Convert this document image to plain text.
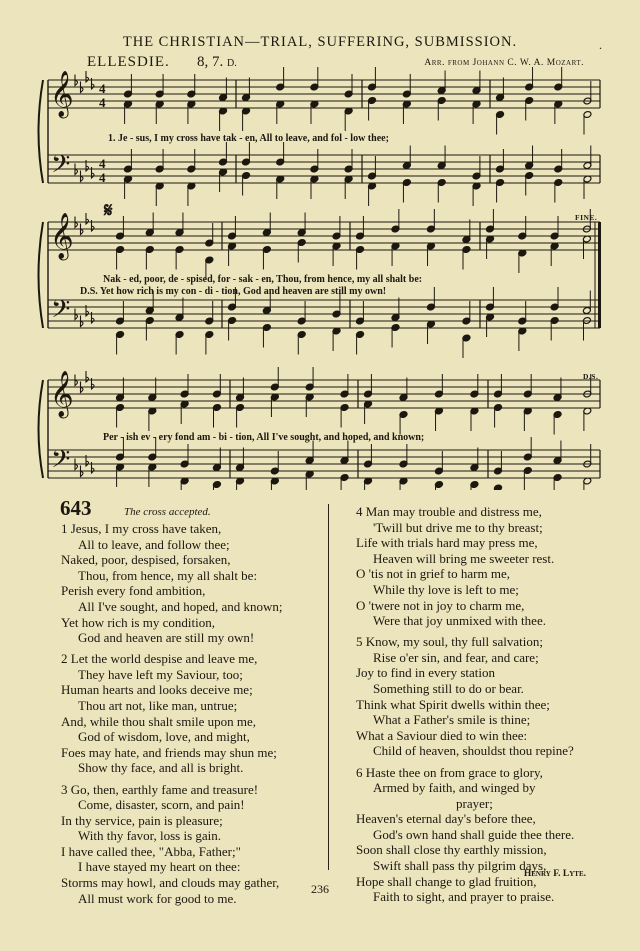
THE CHRISTIAN—TRIAL, SUFFERING, SUBMISSION.	.
ELLESDIE. 8, 7. D.	Arr. from Johann C. W. A. Mozart.
𝄞
𝄢
4
4
4
4
𝄞
𝄢
𝄞
𝄢
1. Je - sus, I my cross have tak - en, All to leave, and fol - low thee;
Nak - ed, poor, de - spised, for - sak - en, Thou, from hence, my all shalt be:
D.S. Yet how rich is my con - di - tion, God and heaven are still my own!
Per - ish ev - ery fond am - bi - tion, All I've sought, and hoped, and known;
𝄋	FINE.
D.S.
643	The cross accepted.
1 Jesus, I my cross have taken,
All to leave, and follow thee;
Naked, poor, despised, forsaken,
Thou, from hence, my all shalt be:
Perish every fond ambition,
All I've sought, and hoped, and known;
Yet how rich is my condition,
God and heaven are still my own!
2 Let the world despise and leave me,
They have left my Saviour, too;
Human hearts and looks deceive me;
Thou art not, like man, untrue;
And, while thou shalt smile upon me,
God of wisdom, love, and might,
Foes may hate, and friends may shun me;
Show thy face, and all is bright.
3 Go, then, earthly fame and treasure!
Come, disaster, scorn, and pain!
In thy service, pain is pleasure;
With thy favor, loss is gain.
I have called thee, "Abba, Father;"
I have stayed my heart on thee:
Storms may howl, and clouds may gather,
All must work for good to me.
4 Man may trouble and distress me,
'Twill but drive me to thy breast;
Life with trials hard may press me,
Heaven will bring me sweeter rest.
O 'tis not in grief to harm me,
While thy love is left to me;
O 'twere not in joy to charm me,
Were that joy unmixed with thee.
5 Know, my soul, thy full salvation;
Rise o'er sin, and fear, and care;
Joy to find in every station
Something still to do or bear.
Think what Spirit dwells within thee;
What a Father's smile is thine;
What a Saviour died to win thee:
Child of heaven, shouldst thou repine?
6 Haste thee on from grace to glory,
Armed by faith, and winged by
prayer;
Heaven's eternal day's before thee,
God's own hand shall guide thee there.
Soon shall close thy earthly mission,
Swift shall pass thy pilgrim days,
Hope shall change to glad fruition,
Faith to sight, and prayer to praise.
Henry F. Lyte.
236
